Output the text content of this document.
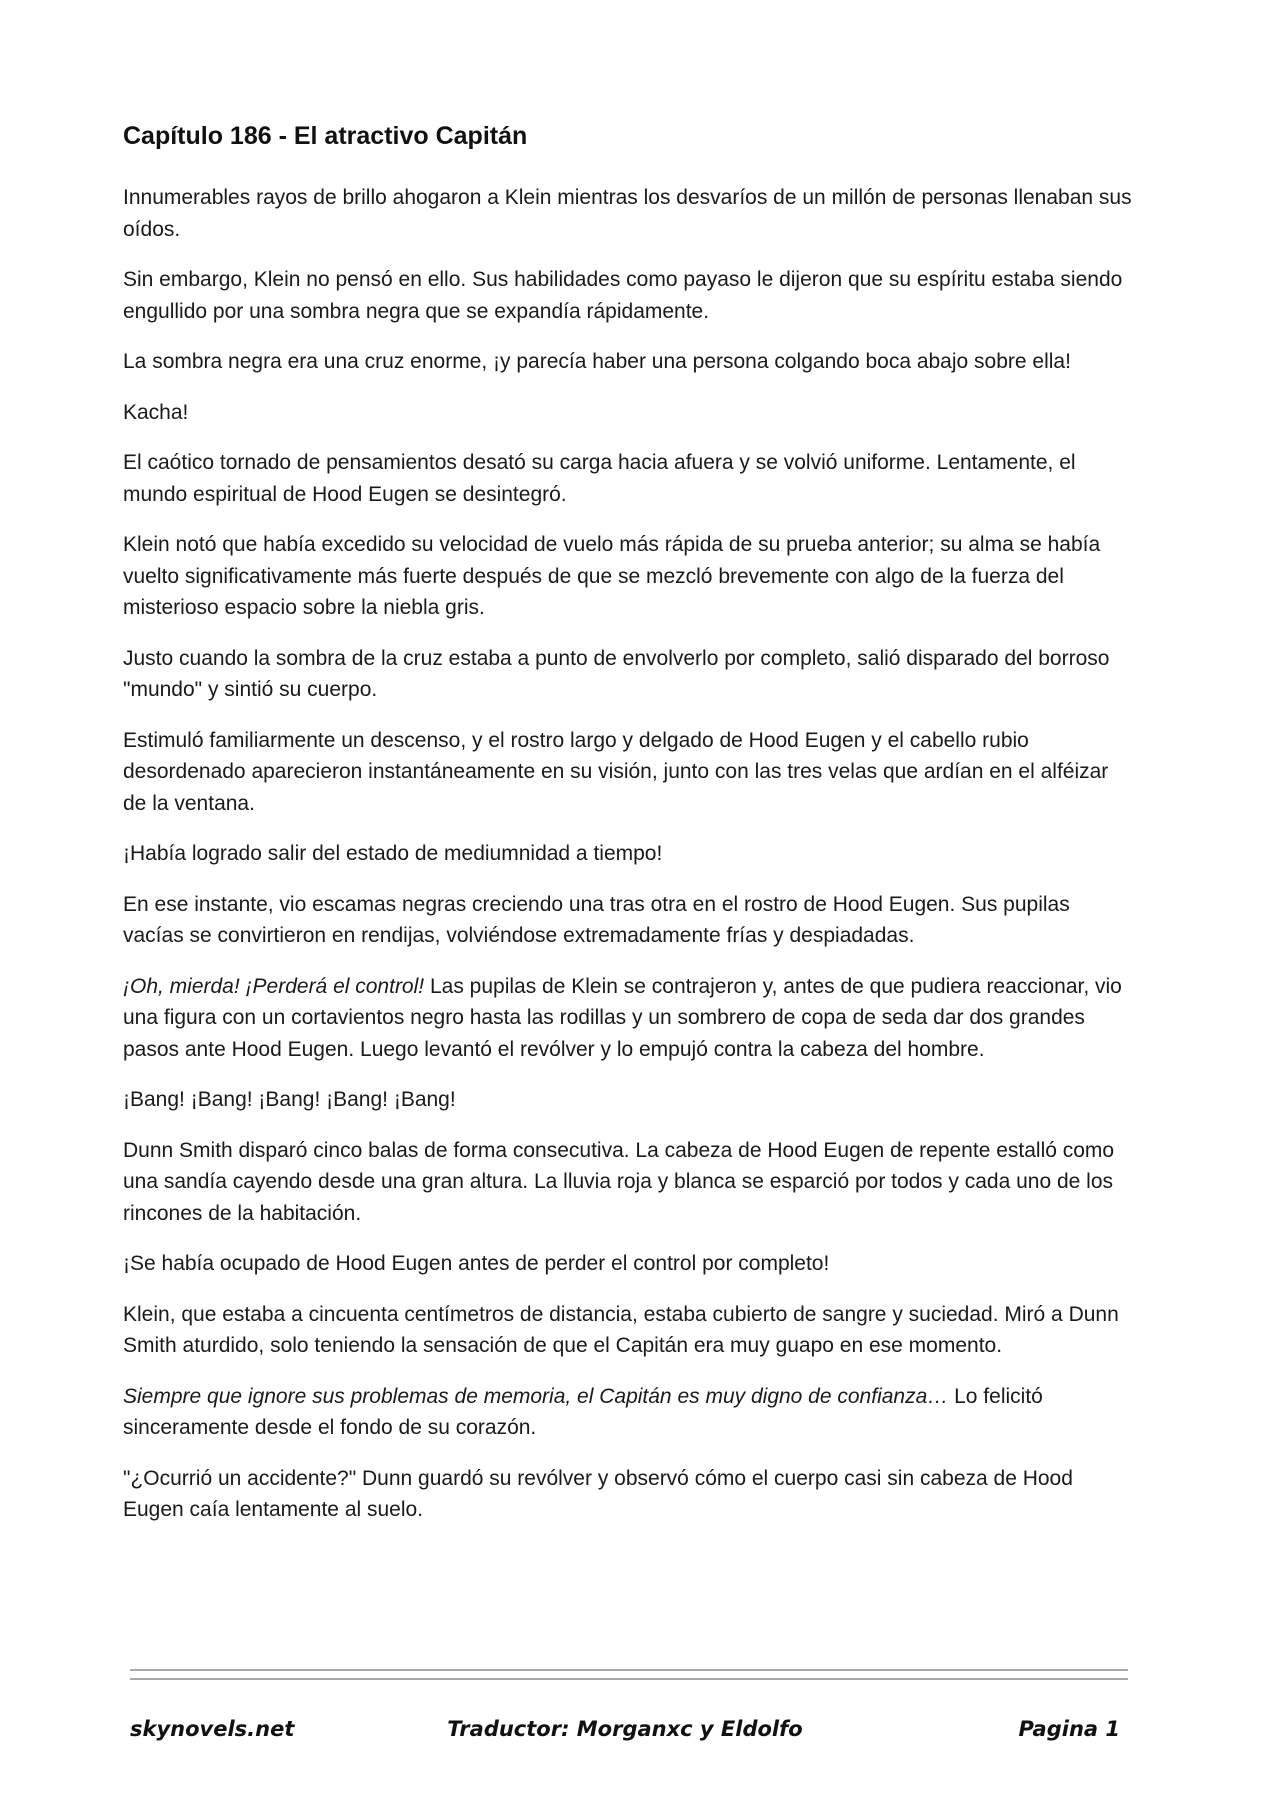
Capítulo 186 - El atractivo Capitán

Innumerables rayos de brillo ahogaron a Klein mientras los desvaríos de un millón de personas llenaban sus oídos.

Sin embargo, Klein no pensó en ello. Sus habilidades como payaso le dijeron que su espíritu estaba siendo engullido por una sombra negra que se expandía rápidamente.

La sombra negra era una cruz enorme, ¡y parecía haber una persona colgando boca abajo sobre ella!

Kacha!

El caótico tornado de pensamientos desató su carga hacia afuera y se volvió uniforme. Lentamente, el mundo espiritual de Hood Eugen se desintegró.

Klein notó que había excedido su velocidad de vuelo más rápida de su prueba anterior; su alma se había vuelto significativamente más fuerte después de que se mezcló brevemente con algo de la fuerza del misterioso espacio sobre la niebla gris.

Justo cuando la sombra de la cruz estaba a punto de envolverlo por completo, salió disparado del borroso "mundo" y sintió su cuerpo.

Estimuló familiarmente un descenso, y el rostro largo y delgado de Hood Eugen y el cabello rubio desordenado aparecieron instantáneamente en su visión, junto con las tres velas que ardían en el alféizar de la ventana.

¡Había logrado salir del estado de mediumnidad a tiempo!

En ese instante, vio escamas negras creciendo una tras otra en el rostro de Hood Eugen. Sus pupilas vacías se convirtieron en rendijas, volviéndose extremadamente frías y despiadadas.

¡Oh, mierda! ¡Perderá el control! Las pupilas de Klein se contrajeron y, antes de que pudiera reaccionar, vio una figura con un cortavientos negro hasta las rodillas y un sombrero de copa de seda dar dos grandes pasos ante Hood Eugen. Luego levantó el revólver y lo empujó contra la cabeza del hombre.

¡Bang! ¡Bang! ¡Bang! ¡Bang! ¡Bang!

Dunn Smith disparó cinco balas de forma consecutiva. La cabeza de Hood Eugen de repente estalló como una sandía cayendo desde una gran altura. La lluvia roja y blanca se esparció por todos y cada uno de los rincones de la habitación.

¡Se había ocupado de Hood Eugen antes de perder el control por completo!

Klein, que estaba a cincuenta centímetros de distancia, estaba cubierto de sangre y suciedad. Miró a Dunn Smith aturdido, solo teniendo la sensación de que el Capitán era muy guapo en ese momento.

Siempre que ignore sus problemas de memoria, el Capitán es muy digno de confianza… Lo felicitó sinceramente desde el fondo de su corazón.

"¿Ocurrió un accidente?" Dunn guardó su revólver y observó cómo el cuerpo casi sin cabeza de Hood Eugen caía lentamente al suelo.

skynovels.net	Traductor: Morganxc y Eldolfo	Pagina 1
